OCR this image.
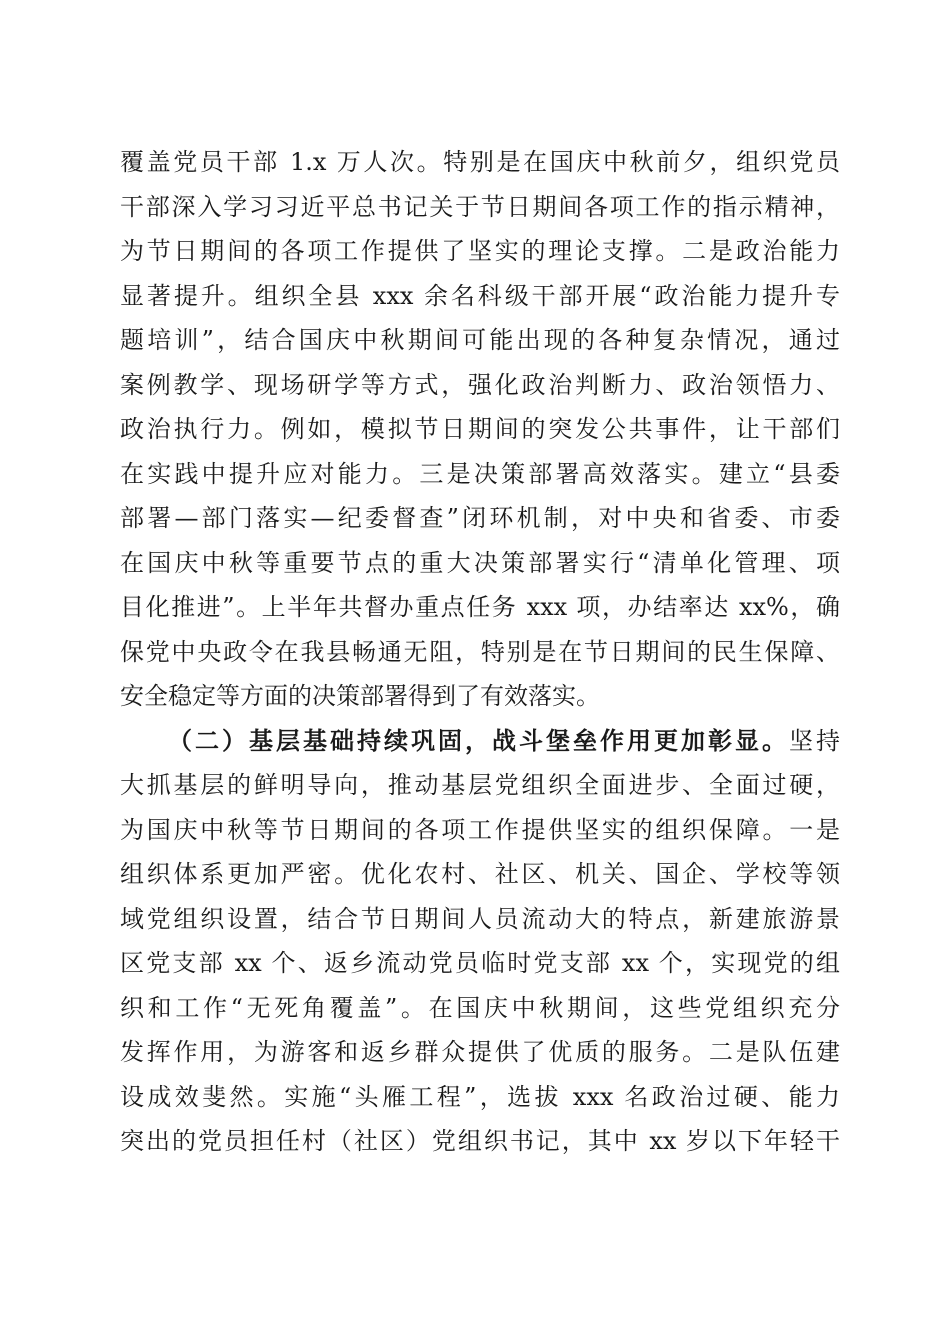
覆盖党员干部 1.x 万人次。特别是在国庆中秋前夕，组织党员
干部深入学习习近平总书记关于节日期间各项工作的指示精神，
为节日期间的各项工作提供了坚实的理论支撑。二是政治能力
显著提升。组织全县 xxx 余名科级干部开展“政治能力提升专
题培训”，结合国庆中秋期间可能出现的各种复杂情况，通过
案例教学、现场研学等方式，强化政治判断力、政治领悟力、
政治执行力。例如，模拟节日期间的突发公共事件，让干部们
在实践中提升应对能力。三是决策部署高效落实。建立“县委
部署—部门落实—纪委督查”闭环机制，对中央和省委、市委
在国庆中秋等重要节点的重大决策部署实行“清单化管理、项
目化推进”。上半年共督办重点任务 xxx 项，办结率达 xx%，确
保党中央政令在我县畅通无阻，特别是在节日期间的民生保障、
安全稳定等方面的决策部署得到了有效落实。
（二）基层基础持续巩固，战斗堡垒作用更加彰显。坚持
大抓基层的鲜明导向，推动基层党组织全面进步、全面过硬，
为国庆中秋等节日期间的各项工作提供坚实的组织保障。一是
组织体系更加严密。优化农村、社区、机关、国企、学校等领
域党组织设置，结合节日期间人员流动大的特点，新建旅游景
区党支部 xx 个、返乡流动党员临时党支部 xx 个，实现党的组
织和工作“无死角覆盖”。在国庆中秋期间，这些党组织充分
发挥作用，为游客和返乡群众提供了优质的服务。二是队伍建
设成效斐然。实施“头雁工程”，选拔 xxx 名政治过硬、能力
突出的党员担任村（社区）党组织书记，其中 xx 岁以下年轻干
